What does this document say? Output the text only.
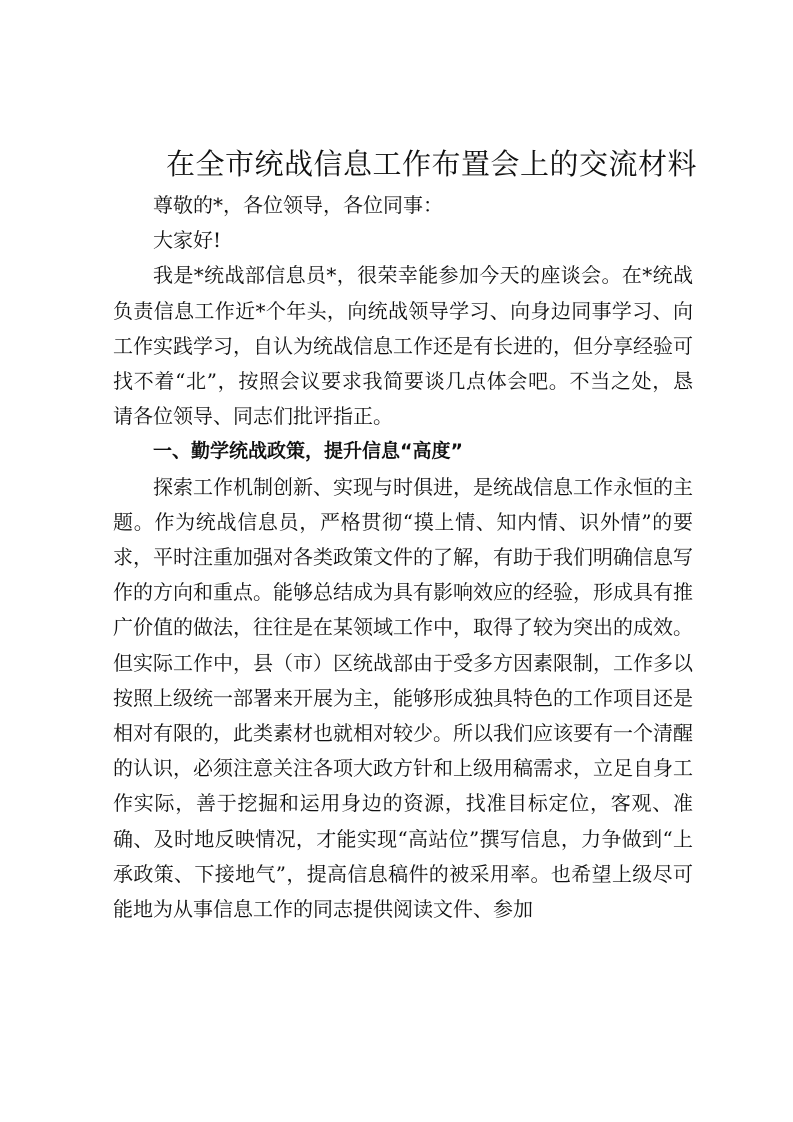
在全市统战信息工作布置会上的交流材料

尊敬的*，各位领导，各位同事：

大家好!

我是*统战部信息员*，很荣幸能参加今天的座谈会。在*统战负责信息工作近*个年头，向统战领导学习、向身边同事学习、向工作实践学习，自认为统战信息工作还是有长进的，但分享经验可找不着“北”，按照会议要求我简要谈几点体会吧。不当之处，恳请各位领导、同志们批评指正。

一、勤学统战政策，提升信息“高度”

探索工作机制创新、实现与时俱进，是统战信息工作永恒的主题。作为统战信息员，严格贯彻“摸上情、知内情、识外情”的要求，平时注重加强对各类政策文件的了解，有助于我们明确信息写作的方向和重点。能够总结成为具有影响效应的经验，形成具有推广价值的做法，往往是在某领域工作中，取得了较为突出的成效。但实际工作中，县（市）区统战部由于受多方因素限制，工作多以按照上级统一部署来开展为主，能够形成独具特色的工作项目还是相对有限的，此类素材也就相对较少。所以我们应该要有一个清醒的认识，必须注意关注各项大政方针和上级用稿需求，立足自身工作实际，善于挖掘和运用身边的资源，找准目标定位，客观、准确、及时地反映情况，才能实现“高站位”撰写信息，力争做到“上承政策、下接地气”，提高信息稿件的被采用率。也希望上级尽可能地为从事信息工作的同志提供阅读文件、参加
